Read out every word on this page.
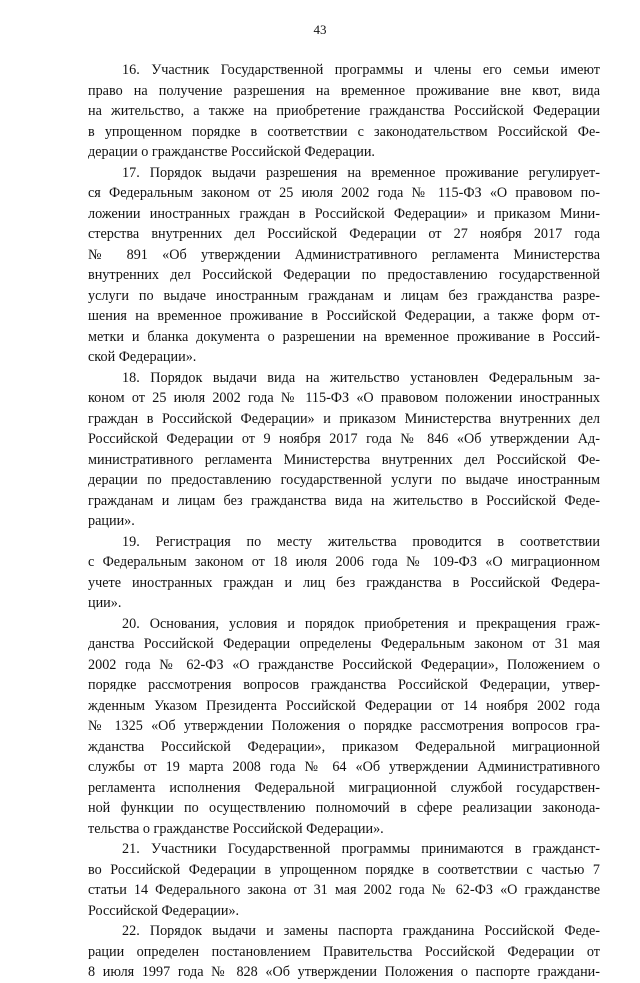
43
16. Участник Государственной программы и члены его семьи имеют
право на получение разрешения на временное проживание вне квот, вида
на жительство, а также на приобретение гражданства Российской Федерации
в упрощенном порядке в соответствии с законодательством Российской Фе-
дерации о гражданстве Российской Федерации.
17. Порядок выдачи разрешения на временное проживание регулирует-
ся Федеральным законом от 25 июля 2002 года № 115-ФЗ «О правовом по-
ложении иностранных граждан в Российской Федерации» и приказом Мини-
стерства внутренних дел Российской Федерации от 27 ноября 2017 года
№ 891 «Об утверждении Административного регламента Министерства
внутренних дел Российской Федерации по предоставлению государственной
услуги по выдаче иностранным гражданам и лицам без гражданства разре-
шения на временное проживание в Российской Федерации, а также форм от-
метки и бланка документа о разрешении на временное проживание в Россий-
ской Федерации».
18. Порядок выдачи вида на жительство установлен Федеральным за-
коном от 25 июля 2002 года № 115-ФЗ «О правовом положении иностранных
граждан в Российской Федерации» и приказом Министерства внутренних дел
Российской Федерации от 9 ноября 2017 года № 846 «Об утверждении Ад-
министративного регламента Министерства внутренних дел Российской Фе-
дерации по предоставлению государственной услуги по выдаче иностранным
гражданам и лицам без гражданства вида на жительство в Российской Феде-
рации».
19. Регистрация по месту жительства проводится в соответствии
с Федеральным законом от 18 июля 2006 года № 109-ФЗ «О миграционном
учете иностранных граждан и лиц без гражданства в Российской Федера-
ции».
20. Основания, условия и порядок приобретения и прекращения граж-
данства Российской Федерации определены Федеральным законом от 31 мая
2002 года № 62-ФЗ «О гражданстве Российской Федерации», Положением о
порядке рассмотрения вопросов гражданства Российской Федерации, утвер-
жденным Указом Президента Российской Федерации от 14 ноября 2002 года
№ 1325 «Об утверждении Положения о порядке рассмотрения вопросов гра-
жданства Российской Федерации», приказом Федеральной миграционной
службы от 19 марта 2008 года № 64 «Об утверждении Административного
регламента исполнения Федеральной миграционной службой государствен-
ной функции по осуществлению полномочий в сфере реализации законода-
тельства о гражданстве Российской Федерации».
21. Участники Государственной программы принимаются в гражданст-
во Российской Федерации в упрощенном порядке в соответствии с частью 7
статьи 14 Федерального закона от 31 мая 2002 года № 62-ФЗ «О гражданстве
Российской Федерации».
22. Порядок выдачи и замены паспорта гражданина Российской Феде-
рации определен постановлением Правительства Российской Федерации от
8 июля 1997 года № 828 «Об утверждении Положения о паспорте граждани-
